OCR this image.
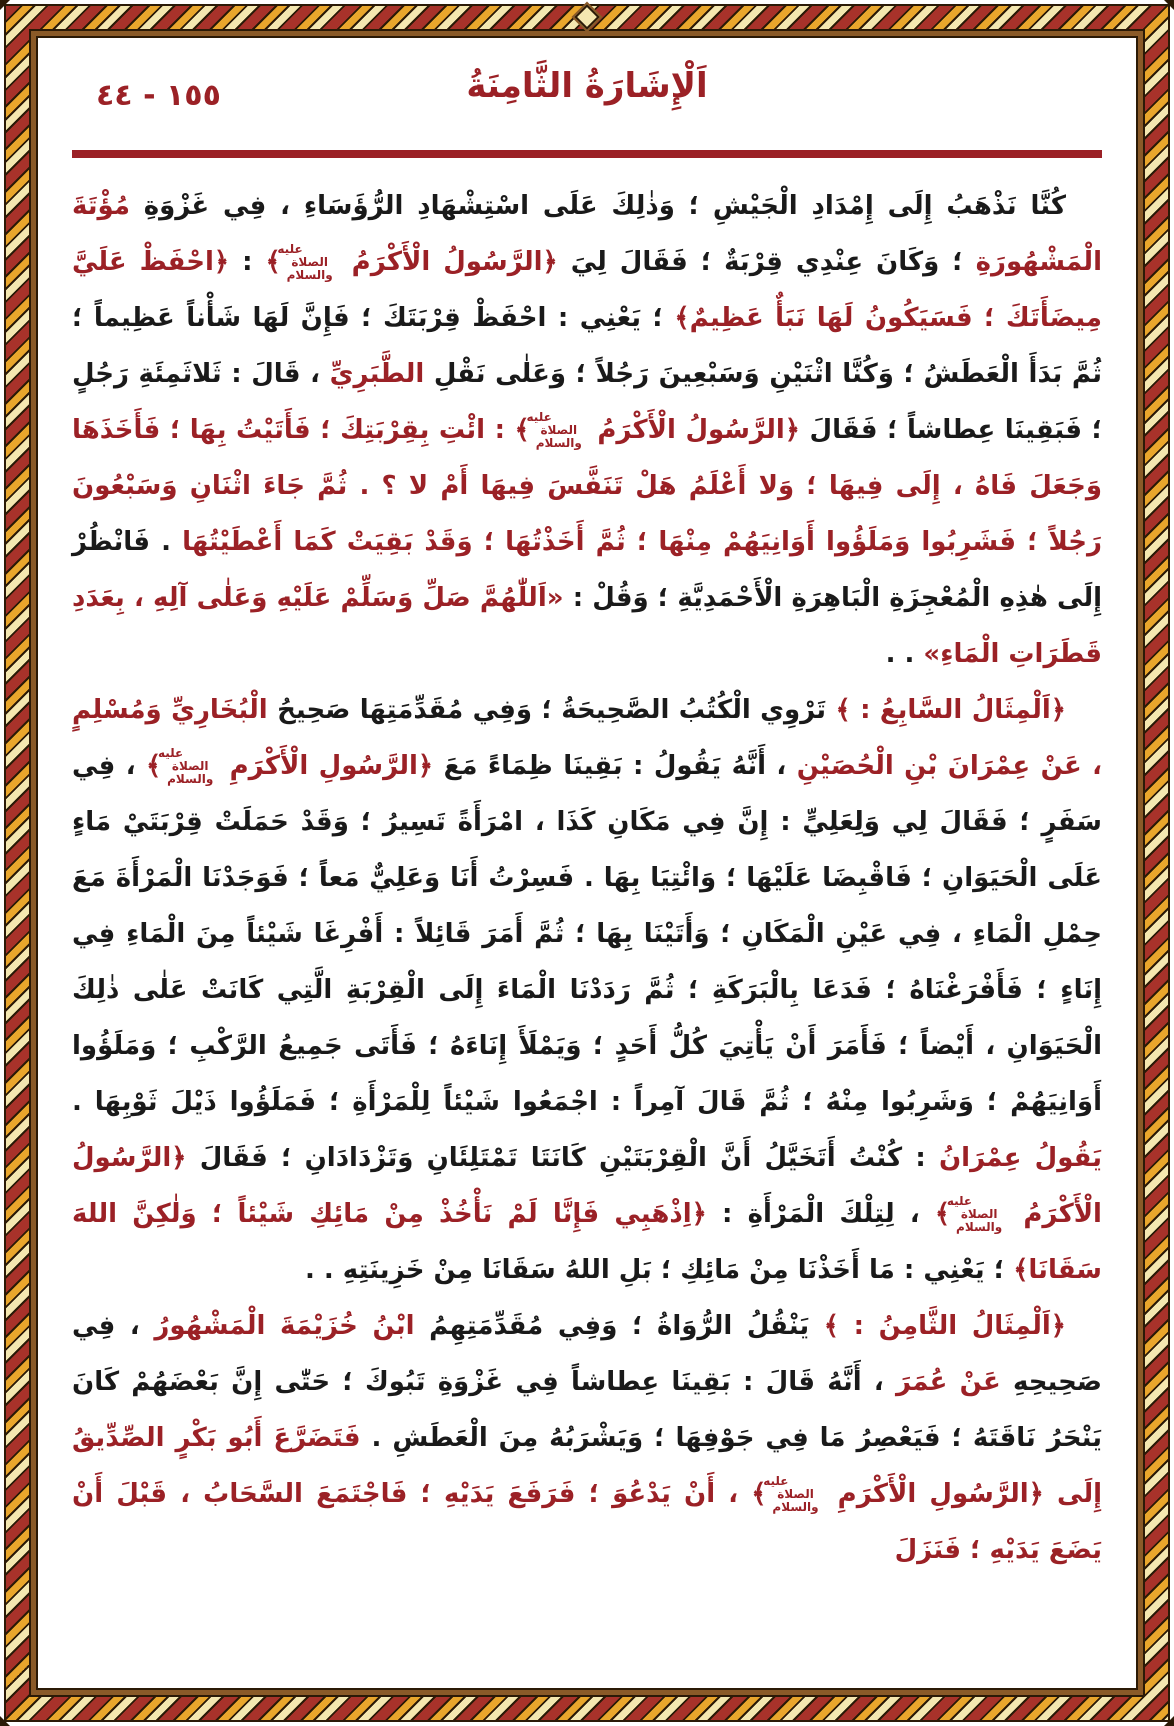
١٥٥ - ٤٤	اَلْإِشَارَةُ الثَّامِنَةُ

كُنَّا نَذْهَبُ إِلَى إِمْدَادِ الْجَيْشِ ؛ وَذٰلِكَ عَلَى اسْتِشْهَادِ الرُّؤَسَاءِ ، فِي غَزْوَةِ مُؤْتَةَ الْمَشْهُورَةِ ؛ وَكَانَ عِنْدِي قِرْبَةٌ ؛ فَقَالَ لِيَ ﴿الرَّسُولُ الْأَكْرَمُ عليه الصلاة والسلام﴾ : ﴿احْفَظْ عَلَيَّ مِيضَأَتَكَ ؛ فَسَيَكُونُ لَهَا نَبَأٌ عَظِيمٌ﴾ ؛ يَعْنِي : احْفَظْ قِرْبَتَكَ ؛ فَإِنَّ لَهَا شَأْناً عَظِيماً ؛ ثُمَّ بَدَأَ الْعَطَشُ ؛ وَكُنَّا اثْنَيْنِ وَسَبْعِينَ رَجُلاً ؛ وَعَلٰى نَقْلِ الطَّبَرِيِّ ، قَالَ : ثَلاثَمِئَةِ رَجُلٍ ؛ فَبَقِينَا عِطاشاً ؛ فَقَالَ ﴿الرَّسُولُ الْأَكْرَمُ عليه الصلاة والسلام﴾ : ائْتِ بِقِرْبَتِكَ ؛ فَأَتَيْتُ بِهَا ؛ فَأَخَذَهَا وَجَعَلَ فَاهُ ، إِلَى فِيهَا ؛ وَلا أَعْلَمُ هَلْ تَنَفَّسَ فِيهَا أَمْ لا ؟ . ثُمَّ جَاءَ اثْنَانِ وَسَبْعُونَ رَجُلاً ؛ فَشَرِبُوا وَمَلَؤُوا أَوَانِيَهُمْ مِنْهَا ؛ ثُمَّ أَخَذْتُهَا ؛ وَقَدْ بَقِيَتْ كَمَا أَعْطَيْتُهَا . فَانْظُرْ إِلَى هٰذِهِ الْمُعْجِزَةِ الْبَاهِرَةِ الْأَحْمَدِيَّةِ ؛ وَقُلْ : «اَللّٰهُمَّ صَلِّ وَسَلِّمْ عَلَيْهِ وَعَلٰى آلِهِ ، بِعَدَدِ قَطَرَاتِ الْمَاءِ» . .

﴿اَلْمِثَالُ السَّابِعُ : ﴾ تَرْوِي الْكُتُبُ الصَّحِيحَةُ ؛ وَفِي مُقَدِّمَتِهَا صَحِيحُ الْبُخَارِيِّ وَمُسْلِمٍ ، عَنْ عِمْرَانَ بْنِ الْحُصَيْنِ ، أَنَّهُ يَقُولُ : بَقِينَا ظِمَاءً مَعَ ﴿الرَّسُولِ الْأَكْرَمِ عليه الصلاة والسلام﴾ ، فِي سَفَرٍ ؛ فَقَالَ لِي وَلِعَلِيٍّ : إِنَّ فِي مَكَانِ كَذَا ، امْرَأَةً تَسِيرُ ؛ وَقَدْ حَمَلَتْ قِرْبَتَيْ مَاءٍ عَلَى الْحَيَوَانِ ؛ فَاقْبِضَا عَلَيْهَا ؛ وَائْتِيَا بِهَا . فَسِرْتُ أَنَا وَعَلِيٌّ مَعاً ؛ فَوَجَدْنَا الْمَرْأَةَ مَعَ حِمْلِ الْمَاءِ ، فِي عَيْنِ الْمَكَانِ ؛ وَأَتَيْنَا بِهَا ؛ ثُمَّ أَمَرَ قَائِلاً : أَفْرِغَا شَيْئاً مِنَ الْمَاءِ فِي إِنَاءٍ ؛ فَأَفْرَغْنَاهُ ؛ فَدَعَا بِالْبَرَكَةِ ؛ ثُمَّ رَدَدْنَا الْمَاءَ إِلَى الْقِرْبَةِ الَّتِي كَانَتْ عَلٰى ذٰلِكَ الْحَيَوَانِ ، أَيْضاً ؛ فَأَمَرَ أَنْ يَأْتِيَ كُلُّ أَحَدٍ ؛ وَيَمْلَأَ إِنَاءَهُ ؛ فَأَتَى جَمِيعُ الرَّكْبِ ؛ وَمَلَؤُوا أَوَانِيَهُمْ ؛ وَشَرِبُوا مِنْهُ ؛ ثُمَّ قَالَ آمِراً : اجْمَعُوا شَيْئاً لِلْمَرْأَةِ ؛ فَمَلَؤُوا ذَيْلَ ثَوْبِهَا . يَقُولُ عِمْرَانُ : كُنْتُ أَتَخَيَّلُ أَنَّ الْقِرْبَتَيْنِ كَانَتَا تَمْتَلِئَانِ وَتَزْدَادَانِ ؛ فَقَالَ ﴿الرَّسُولُ الْأَكْرَمُ عليه الصلاة والسلام﴾ ، لِتِلْكَ الْمَرْأَةِ : ﴿اِذْهَبِي فَإِنَّا لَمْ نَأْخُذْ مِنْ مَائِكِ شَيْئاً ؛ وَلٰكِنَّ اللهَ سَقَانَا﴾ ؛ يَعْنِي : مَا أَخَذْنَا مِنْ مَائِكِ ؛ بَلِ اللهُ سَقَانَا مِنْ خَزِينَتِهِ . .

﴿اَلْمِثَالُ الثَّامِنُ : ﴾ يَنْقُلُ الرُّوَاةُ ؛ وَفِي مُقَدِّمَتِهِمُ ابْنُ خُزَيْمَةَ الْمَشْهُورُ ، فِي صَحِيحِهِ عَنْ عُمَرَ ، أَنَّهُ قَالَ : بَقِينَا عِطاشاً فِي غَزْوَةِ تَبُوكَ ؛ حَتّٰى إِنَّ بَعْضَهُمْ كَانَ يَنْحَرُ نَاقَتَهُ ؛ فَيَعْصِرُ مَا فِي جَوْفِهَا ؛ وَيَشْرَبُهُ مِنَ الْعَطَشِ . فَتَضَرَّعَ أَبُو بَكْرٍ الصِّدِّيقُ إِلَى ﴿الرَّسُولِ الْأَكْرَمِ عليه الصلاة والسلام﴾ ، أَنْ يَدْعُوَ ؛ فَرَفَعَ يَدَيْهِ ؛ فَاجْتَمَعَ السَّحَابُ ، قَبْلَ أَنْ يَضَعَ يَدَيْهِ ؛ فَنَزَلَ
